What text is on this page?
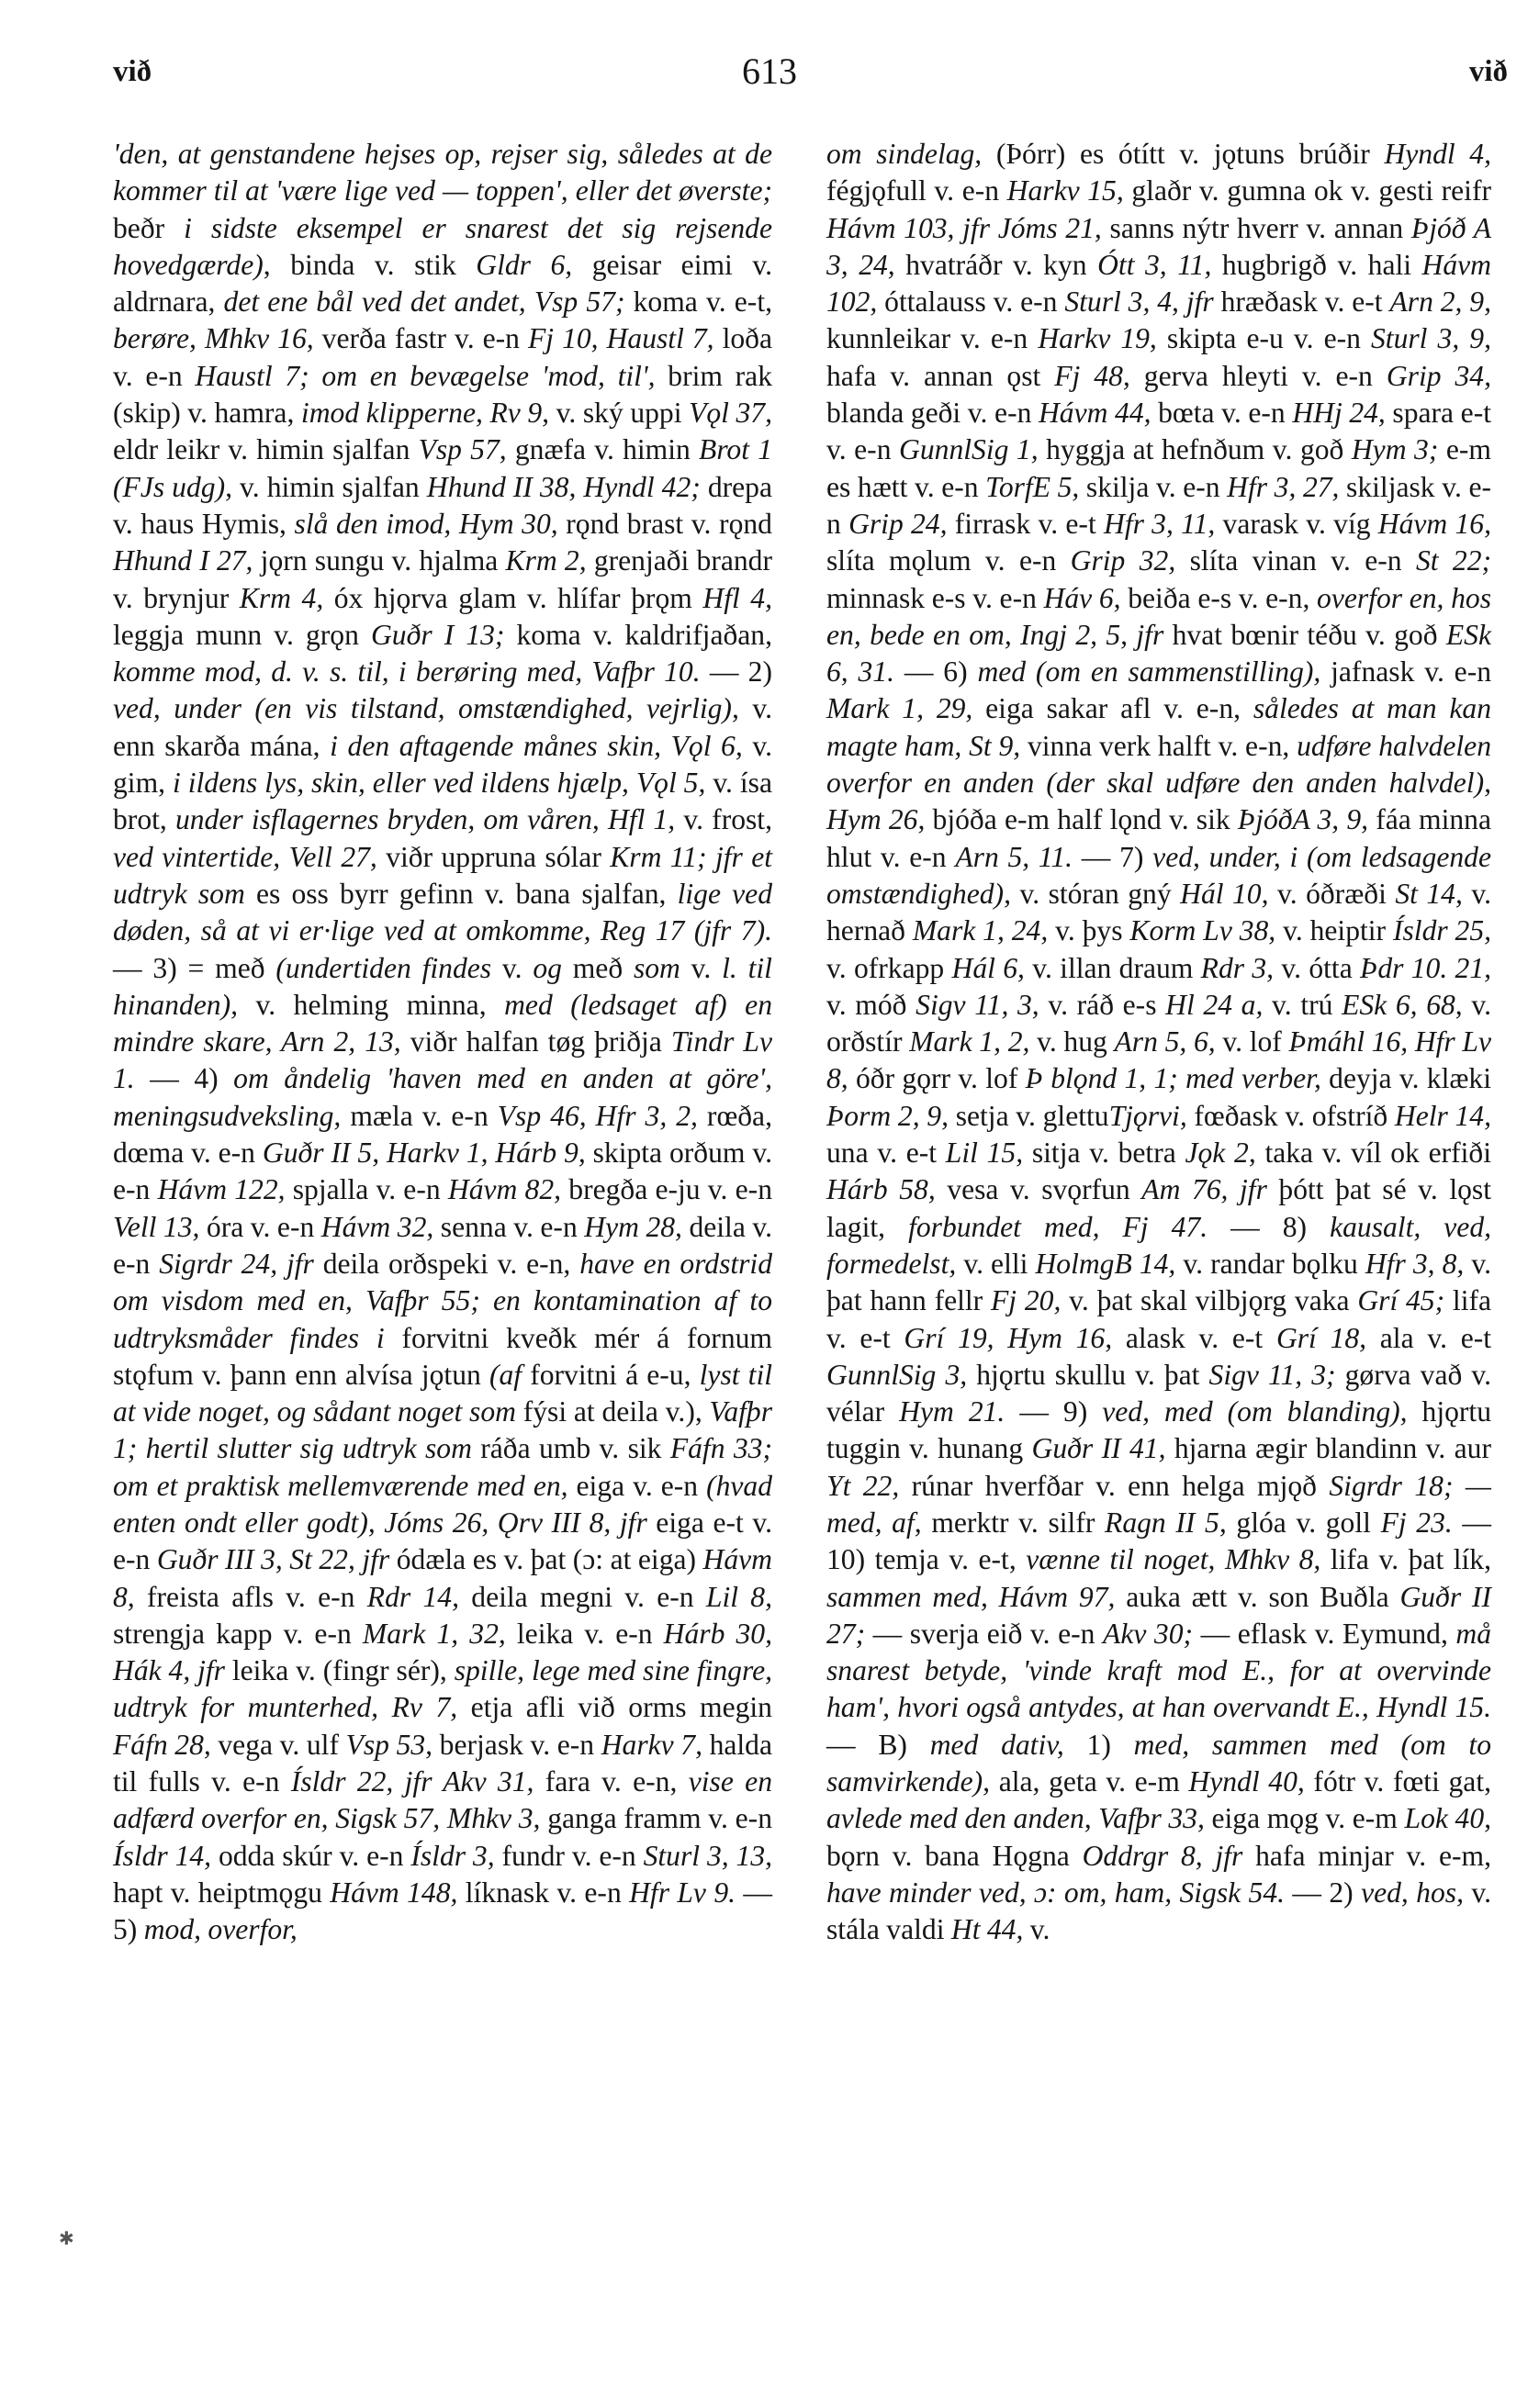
við	613	við

'den, at genstandene hejses op, rejser sig, således at de kommer til at 'være lige ved — toppen', eller det øverste; beðr i sidste eksempel er snarest det sig rejsende hovedgærde), binda v. stik Gldr 6, geisar eimi v. aldrnara, det ene bål ved det andet, Vsp 57; koma v. e-t, berøre, Mhkv 16, verða fastr v. e-n Fj 10, Haustl 7, loða v. e-n Haustl 7; om en bevægelse 'mod, til', brim rak (skip) v. hamra, imod klipperne, Rv 9, v. ský uppi Vǫl 37, eldr leikr v. himin sjalfan Vsp 57, gnæfa v. himin Brot 1 (FJs udg), v. himin sjalfan Hhund II 38, Hyndl 42; drepa v. haus Hymis, slå den imod, Hym 30, rǫnd brast v. rǫnd Hhund I 27, jǫrn sungu v. hjalma Krm 2, grenjaði brandr v. brynjur Krm 4, óx hjǫrva glam v. hlífar þrǫm Hfl 4, leggja munn v. grǫn Guðr I 13; koma v. kaldrifjaðan, komme mod, d. v. s. til, i berøring med, Vafþr 10. — 2) ved, under (en vis tilstand, omstændighed, vejrlig), v. enn skarða mána, i den aftagende månes skin, Vǫl 6, v. gim, i ildens lys, skin, eller ved ildens hjælp, Vǫl 5, v. ísa brot, under isflagernes bryden, om våren, Hfl 1, v. frost, ved vintertide, Vell 27, viðr uppruna sólar Krm 11; jfr et udtryk som es oss byrr gefinn v. bana sjalfan, lige ved døden, så at vi er·lige ved at omkomme, Reg 17 (jfr 7). — 3) = með (undertiden findes v. og með som v. l. til hinanden), v. helming minna, med (ledsaget af) en mindre skare, Arn 2, 13, viðr halfan tøg þriðja Tindr Lv 1. — 4) om åndelig 'haven med en anden at göre', meningsudveksling, mæla v. e-n Vsp 46, Hfr 3, 2, rœða, dœma v. e-n Guðr II 5, Harkv 1, Hárb 9, skipta orðum v. e-n Hávm 122, spjalla v. e-n Hávm 82, bregða e-ju v. e-n Vell 13, óra v. e-n Hávm 32, senna v. e-n Hym 28, deila v. e-n Sigrdr 24, jfr deila orðspeki v. e-n, have en ordstrid om visdom med en, Vafþr 55; en kontamination af to udtryksmåder findes i forvitni kveðk mér á fornum stǫfum v. þann enn alvísa jǫtun (af forvitni á e-u, lyst til at vide noget, og sådant noget som fýsi at deila v.), Vafþr 1; hertil slutter sig udtryk som ráða umb v. sik Fáfn 33; om et praktisk mellemværende med en, eiga v. e-n (hvad enten ondt eller godt), Jóms 26, Ǫrv III 8, jfr eiga e-t v. e-n Guðr III 3, St 22, jfr ódæla es v. þat (ɔ: at eiga) Hávm 8, freista afls v. e-n Rdr 14, deila megni v. e-n Lil 8, strengja kapp v. e-n Mark 1, 32, leika v. e-n Hárb 30, Hák 4, jfr leika v. (fingr sér), spille, lege med sine fingre, udtryk for munterhed, Rv 7, etja afli við orms megin Fáfn 28, vega v. ulf Vsp 53, berjask v. e-n Harkv 7, halda til fulls v. e-n Ísldr 22, jfr Akv 31, fara v. e-n, vise en adfærd overfor en, Sigsk 57, Mhkv 3, ganga framm v. e-n Ísldr 14, odda skúr v. e-n Ísldr 3, fundr v. e-n Sturl 3, 13, hapt v. heiptmǫgu Hávm 148, líknask v. e-n Hfr Lv 9. — 5) mod, overfor,

om sindelag, (Þórr) es ótítt v. jǫtuns brúðir Hyndl 4, fégjǫfull v. e-n Harkv 15, glaðr v. gumna ok v. gesti reifr Hávm 103, jfr Jóms 21, sanns nýtr hverr v. annan Þjóð A 3, 24, hvatráðr v. kyn Ótt 3, 11, hugbrigð v. hali Hávm 102, óttalauss v. e-n Sturl 3, 4, jfr hræðask v. e-t Arn 2, 9, kunnleikar v. e-n Harkv 19, skipta e-u v. e-n Sturl 3, 9, hafa v. annan ǫst Fj 48, gerva hleyti v. e-n Grip 34, blanda geði v. e-n Hávm 44, bœta v. e-n HHj 24, spara e-t v. e-n GunnlSig 1, hyggja at hefnðum v. goð Hym 3; e-m es hætt v. e-n TorfE 5, skilja v. e-n Hfr 3, 27, skiljask v. e-n Grip 24, firrask v. e-t Hfr 3, 11, varask v. víg Hávm 16, slíta mǫlum v. e-n Grip 32, slíta vinan v. e-n St 22; minnask e-s v. e-n Háv 6, beiða e-s v. e-n, overfor en, hos en, bede en om, Ingj 2, 5, jfr hvat bœnir téðu v. goð ESk 6, 31. — 6) med (om en sammenstilling), jafnask v. e-n Mark 1, 29, eiga sakar afl v. e-n, således at man kan magte ham, St 9, vinna verk halft v. e-n, udføre halvdelen overfor en anden (der skal udføre den anden halvdel), Hym 26, bjóða e-m half lǫnd v. sik ÞjóðA 3, 9, fáa minna hlut v. e-n Arn 5, 11. — 7) ved, under, i (om ledsagende omstændighed), v. stóran gný Hál 10, v. óðræði St 14, v. hernað Mark 1, 24, v. þys Korm Lv 38, v. heiptir Ísldr 25, v. ofrkapp Hál 6, v. illan draum Rdr 3, v. ótta Þdr 10. 21, v. móð Sigv 11, 3, v. ráð e-s Hl 24 a, v. trú ESk 6, 68, v. orðstír Mark 1, 2, v. hug Arn 5, 6, v. lof Þmáhl 16, Hfr Lv 8, óðr gǫrr v. lof Þ blǫnd 1, 1; med verber, deyja v. klæki Þorm 2, 9, setja v. glettuTjǫrvi, fœðask v. ofstríð Helr 14, una v. e-t Lil 15, sitja v. betra Jǫk 2, taka v. víl ok erfiði Hárb 58, vesa v. svǫrfun Am 76, jfr þótt þat sé v. lǫst lagit, forbundet med, Fj 47. — 8) kausalt, ved, formedelst, v. elli HolmgB 14, v. randar bǫlku Hfr 3, 8, v. þat hann fellr Fj 20, v. þat skal vilbjǫrg vaka Grí 45; lifa v. e-t Grí 19, Hym 16, alask v. e-t Grí 18, ala v. e-t GunnlSig 3, hjǫrtu skullu v. þat Sigv 11, 3; gørva vað v. vélar Hym 21. — 9) ved, med (om blanding), hjǫrtu tuggin v. hunang Guðr II 41, hjarna ægir blandinn v. aur Yt 22, rúnar hverfðar v. enn helga mjǫð Sigrdr 18; — med, af, merktr v. silfr Ragn II 5, glóa v. goll Fj 23. — 10) temja v. e-t, vænne til noget, Mhkv 8, lifa v. þat lík, sammen med, Hávm 97, auka ætt v. son Buðla Guðr II 27; — sverja eið v. e-n Akv 30; — eflask v. Eymund, må snarest betyde, 'vinde kraft mod E., for at overvinde ham', hvori også antydes, at han overvandt E., Hyndl 15. — B) med dativ, 1) med, sammen med (om to samvirkende), ala, geta v. e-m Hyndl 40, fótr v. fœti gat, avlede med den anden, Vafþr 33, eiga mǫg v. e-m Lok 40, bǫrn v. bana Hǫgna Oddrgr 8, jfr hafa minjar v. e-m, have minder ved, ɔ: om, ham, Sigsk 54. — 2) ved, hos, v. stála valdi Ht 44, v.

✱
